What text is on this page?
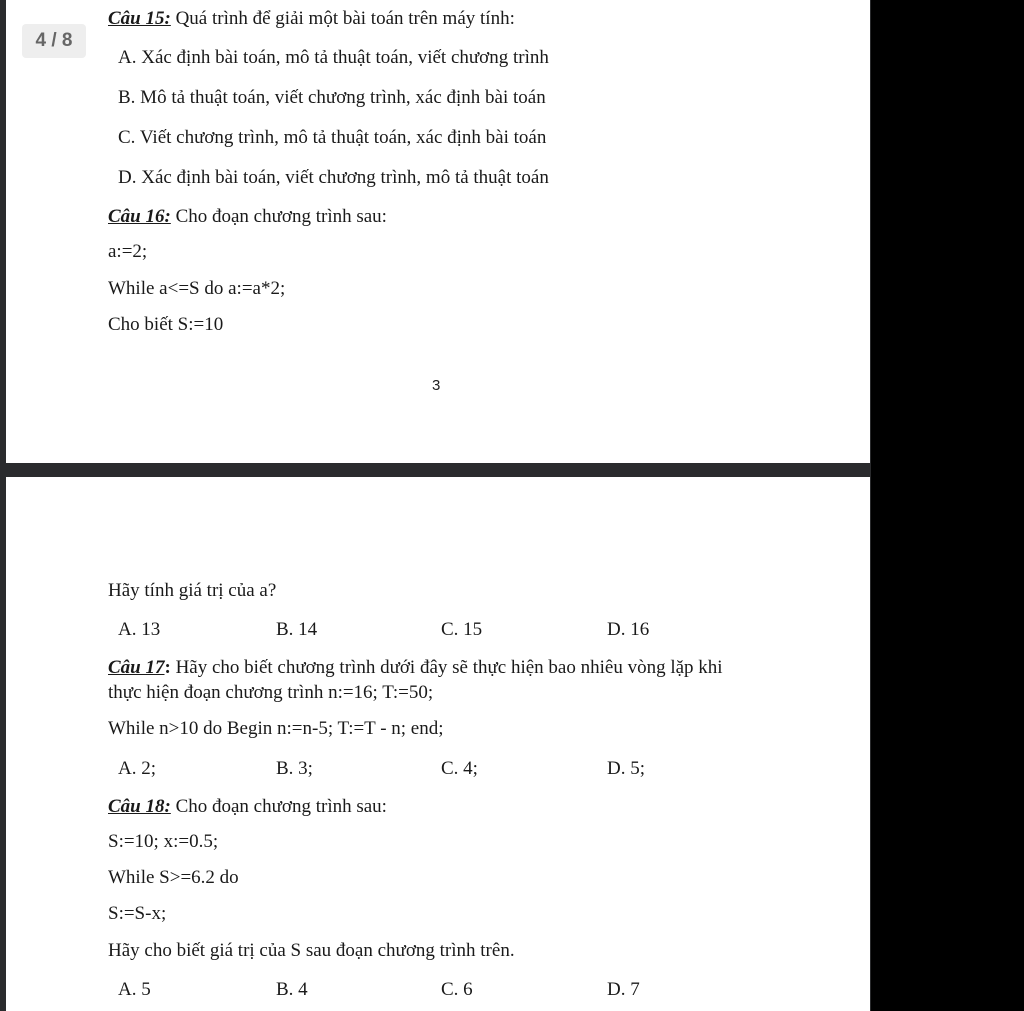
4 / 8
Câu 15: Quá trình để giải một bài toán trên máy tính:
A. Xác định bài toán, mô tả thuật toán, viết chương trình
B. Mô tả thuật toán, viết chương trình, xác định bài toán
C. Viết chương trình, mô tả thuật toán, xác định bài toán
D. Xác định bài toán, viết chương trình, mô tả thuật toán
Câu 16: Cho đoạn chương trình sau:
a:=2;
While a<=S do a:=a*2;
Cho biết S:=10
3
Hãy tính giá trị của a?
A. 13	B. 14	C. 15	D. 16
Câu 17: Hãy cho biết chương trình dưới đây sẽ thực hiện bao nhiêu vòng lặp khi
thực hiện đoạn chương trình n:=16; T:=50;
While n>10 do Begin n:=n-5; T:=T - n; end;
A. 2;	B. 3;	C. 4;	D. 5;
Câu 18: Cho đoạn chương trình sau:
S:=10; x:=0.5;
While S>=6.2 do
S:=S-x;
Hãy cho biết giá trị của S sau đoạn chương trình trên.
A. 5	B. 4	C. 6	D. 7
